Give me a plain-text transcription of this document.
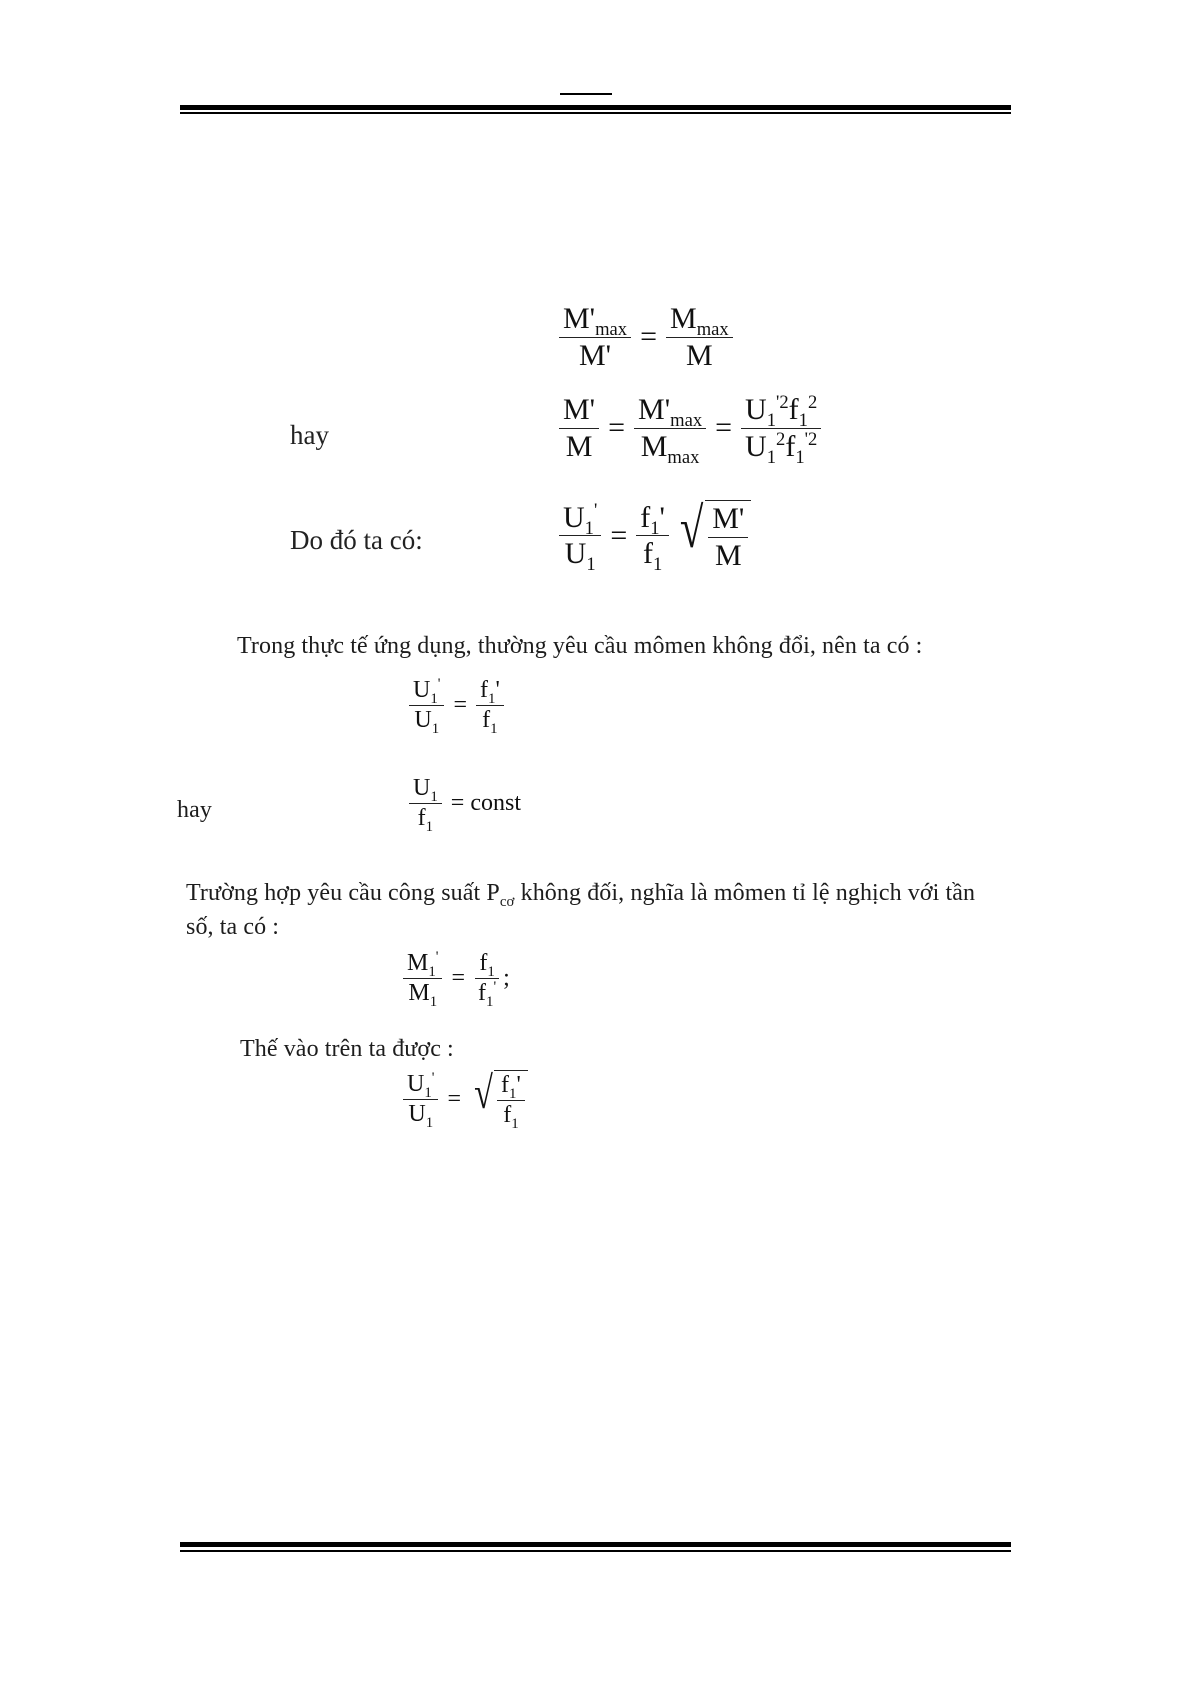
$\frac{M'_{max}}{M'} = \frac{M_{max}}{M}$
hay	$\frac{M'}{M} = \frac{M'_{max}}{M_{max}} = \frac{U_1^{'2}f_1^2}{U_1^2f_1^{'2}}$
Do đó ta có:	$\frac{U_1'}{U_1} = \frac{f_1'}{f_1}$ √ $\frac{M'}{M}$
Trong thực tế ứng dụng, thường yêu cầu mômen không đổi, nên ta có :
$\frac{U_1'}{U_1} = \frac{f_1'}{f_1}$
hay	$\frac{U_1}{f_1}$ = const
Trường hợp yêu cầu công suất $P_{cơ}$ không đối, nghĩa là mômen tỉ lệ nghịch với tần
số, ta có :
$\frac{M_1'}{M_1} = \frac{f_1}{f_1'}$ ;
Thế vào trên ta được :
$\frac{U_1'}{U_1}$ = √ $\frac{f_1'}{f_1}$
